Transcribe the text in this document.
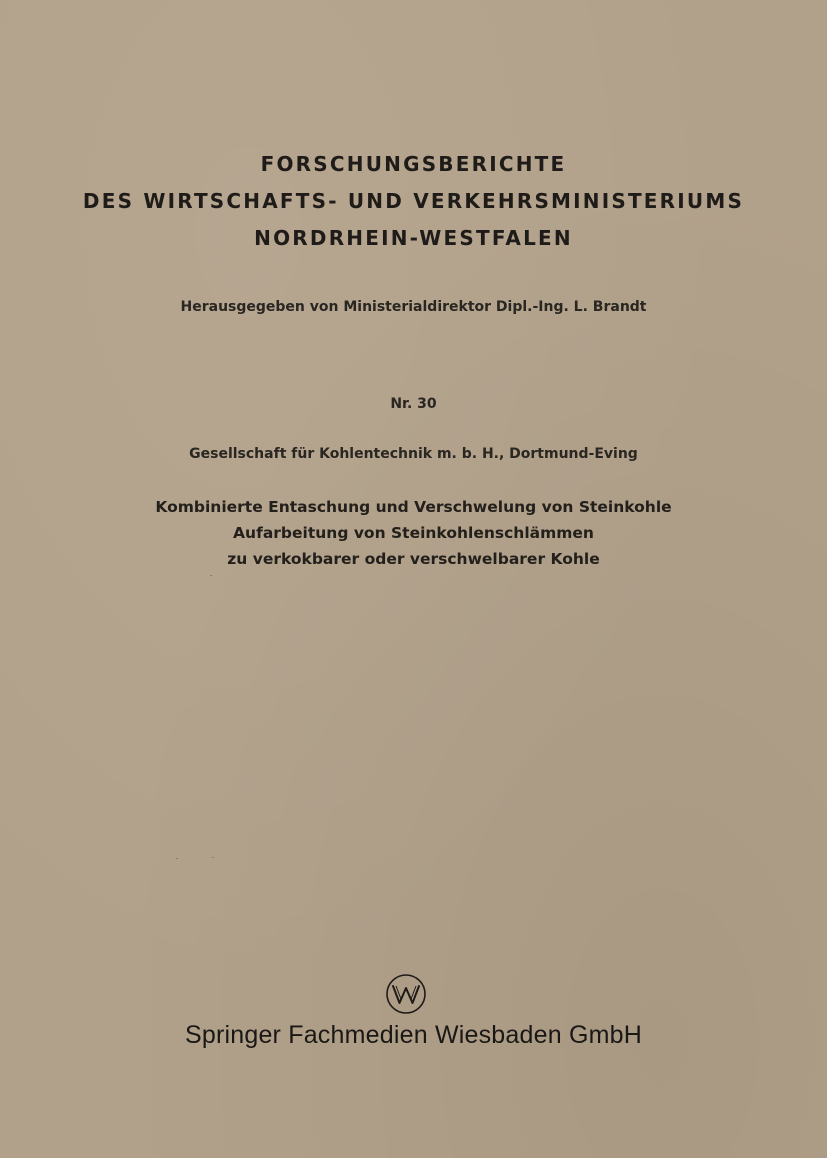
FORSCHUNGSBERICHTE
DES WIRTSCHAFTS- UND VERKEHRSMINISTERIUMS
NORDRHEIN-WESTFALEN
Herausgegeben von Ministerialdirektor Dipl.-Ing. L. Brandt
Nr. 30
Gesellschaft für Kohlentechnik m. b. H., Dortmund-Eving
Kombinierte Entaschung und Verschwelung von Steinkohle
Aufarbeitung von Steinkohlenschlämmen
zu verkokbarer oder verschwelbarer Kohle
Springer Fachmedien Wiesbaden GmbH
